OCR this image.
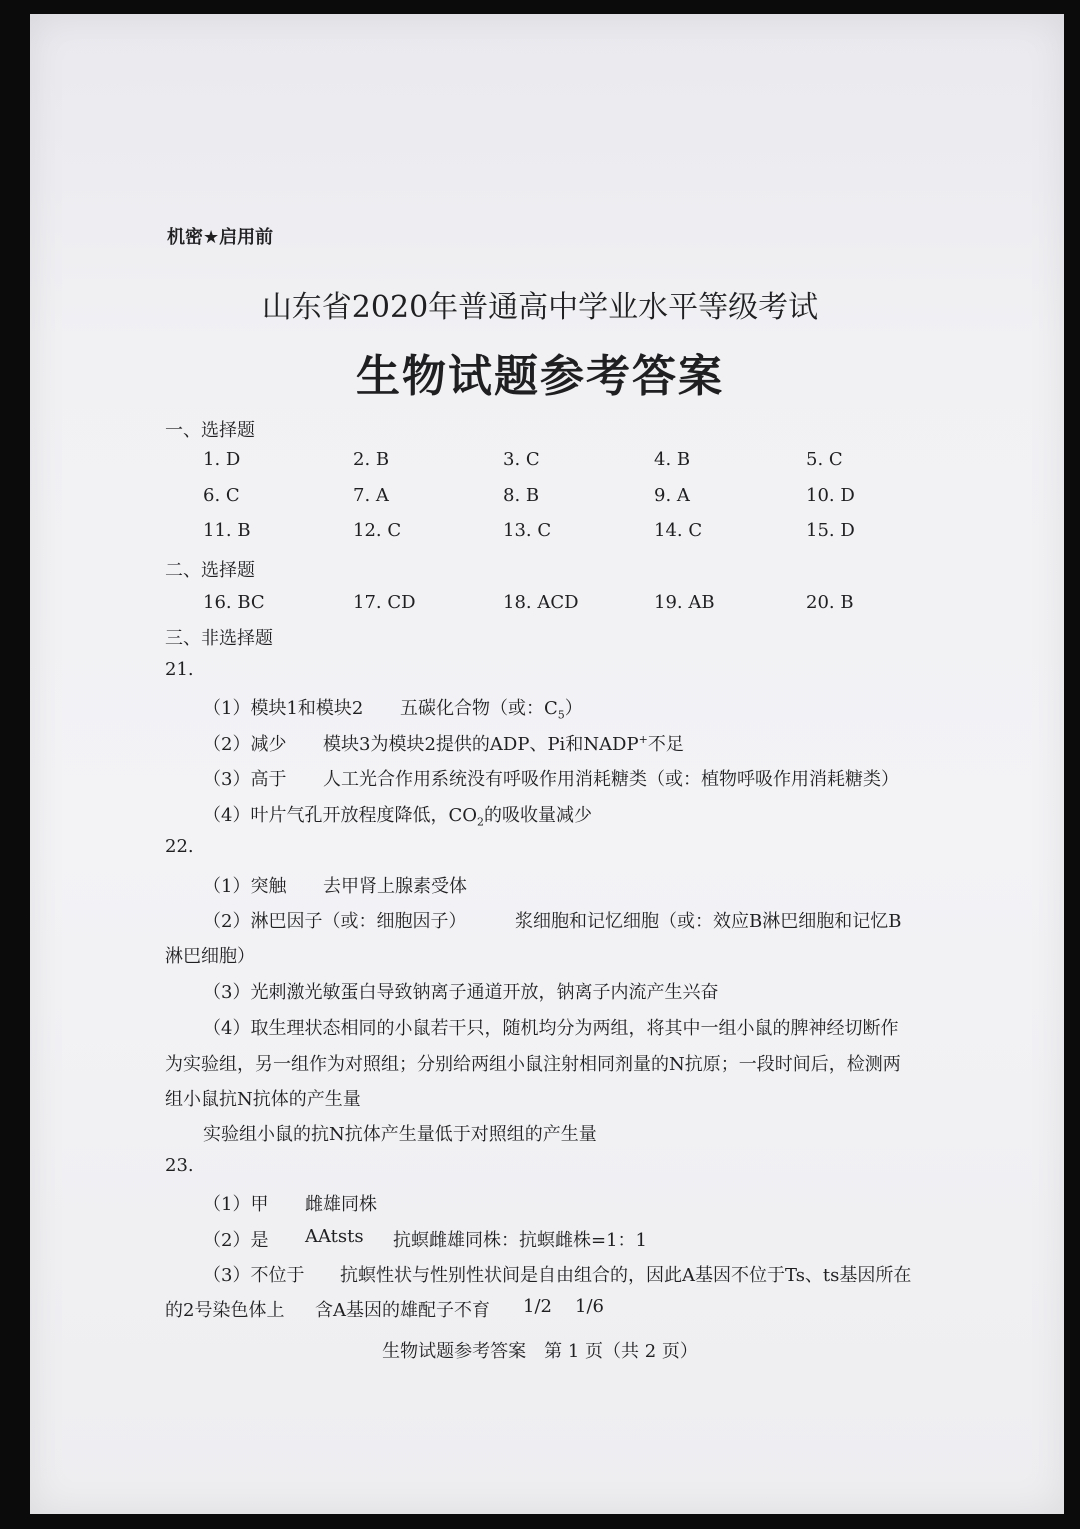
机密★启用前
山东省2020年普通高中学业水平等级考试
生物试题参考答案
一、选择题
1. D	2. B	3. C	4. B	5. C
6. C	7. A	8. B	9. A	10. D
11. B	12. C	13. C	14. C	15. D
二、选择题
16. BC	17. CD	18. ACD	19. AB	20. B
三、非选择题
21.
（1）模块1和模块2 五碳化合物（或：$C_5$）
（2）减少 模块3为模块2提供的ADP、Pi和NADP+不足
（3）高于 人工光合作用系统没有呼吸作用消耗糖类（或：植物呼吸作用消耗糖类）
（4）叶片气孔开放程度降低，$CO_2$的吸收量减少
22.
（1）突触 去甲肾上腺素受体
（2）淋巴因子（或：细胞因子）	浆细胞和记忆细胞（或：效应B淋巴细胞和记忆B
淋巴细胞）
（3）光刺激光敏蛋白导致钠离子通道开放，钠离子内流产生兴奋
（4）取生理状态相同的小鼠若干只，随机均分为两组，将其中一组小鼠的脾神经切断作
为实验组，另一组作为对照组；分别给两组小鼠注射相同剂量的N抗原；一段时间后，检测两
组小鼠抗N抗体的产生量
实验组小鼠的抗N抗体产生量低于对照组的产生量
23.
（1）甲 雌雄同株
（2）是 AAtsts 抗螟雌雄同株：抗螟雌株=1：1
（3）不位于 抗螟性状与性别性状间是自由组合的，因此A基因不位于Ts、ts基因所在
的2号染色体上 含A基因的雄配子不育 1/2 1/6
生物试题参考答案　第 1 页（共 2 页）
